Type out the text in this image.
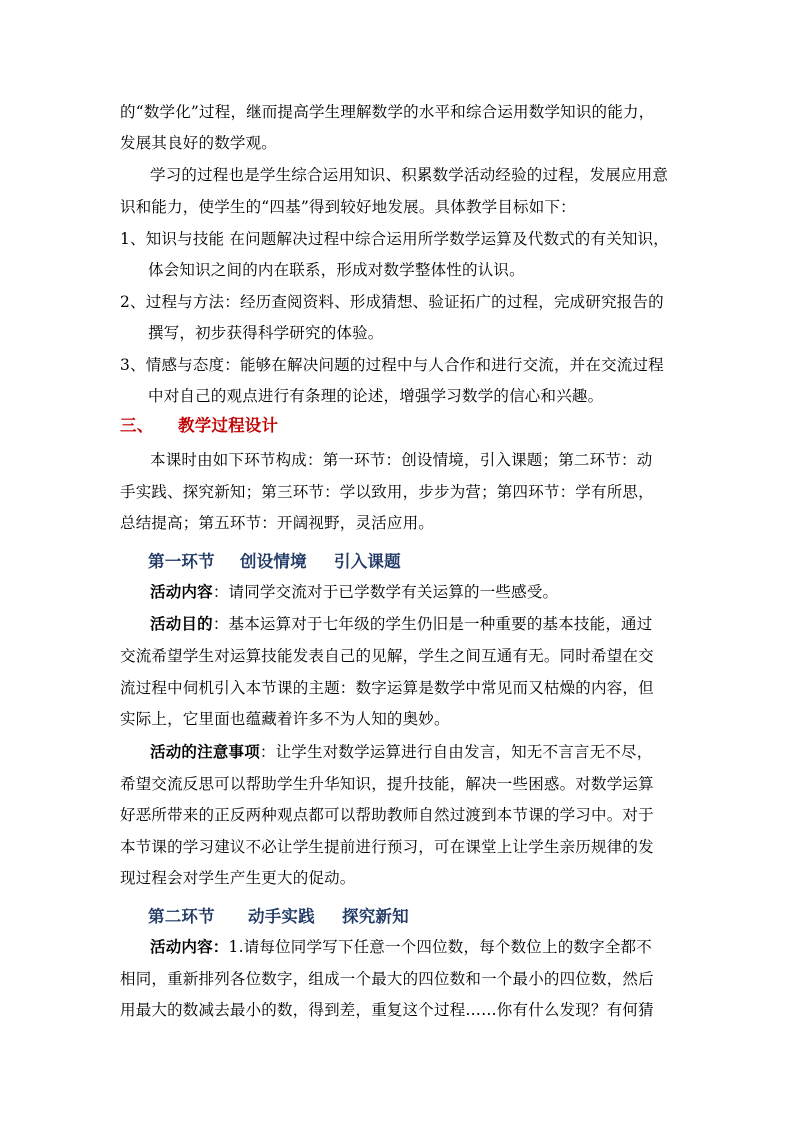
的“数学化”过程，继而提高学生理解数学的水平和综合运用数学知识的能力，
发展其良好的数学观。
学习的过程也是学生综合运用知识、积累数学活动经验的过程，发展应用意
识和能力，使学生的“四基”得到较好地发展。具体教学目标如下：
1、知识与技能 在问题解决过程中综合运用所学数学运算及代数式的有关知识，
体会知识之间的内在联系，形成对数学整体性的认识。
2、过程与方法：经历查阅资料、形成猜想、验证拓广的过程，完成研究报告的
撰写，初步获得科学研究的体验。
3、情感与态度：能够在解决问题的过程中与人合作和进行交流，并在交流过程
中对自己的观点进行有条理的论述，增强学习数学的信心和兴趣。
三、 教学过程设计
本课时由如下环节构成：第一环节：创设情境，引入课题；第二环节：动
手实践、探究新知；第三环节：学以致用，步步为营；第四环节：学有所思，
总结提高；第五环节：开阔视野，灵活应用。
第一环节 创设情境 引入课题
活动内容：请同学交流对于已学数学有关运算的一些感受。
活动目的：基本运算对于七年级的学生仍旧是一种重要的基本技能，通过
交流希望学生对运算技能发表自己的见解，学生之间互通有无。同时希望在交
流过程中伺机引入本节课的主题：数字运算是数学中常见而又枯燥的内容，但
实际上，它里面也蕴藏着许多不为人知的奥妙。
活动的注意事项：让学生对数学运算进行自由发言，知无不言言无不尽，
希望交流反思可以帮助学生升华知识，提升技能，解决一些困惑。对数学运算
好恶所带来的正反两种观点都可以帮助教师自然过渡到本节课的学习中。对于
本节课的学习建议不必让学生提前进行预习，可在课堂上让学生亲历规律的发
现过程会对学生产生更大的促动。
第二环节 动手实践 探究新知
活动内容：1.请每位同学写下任意一个四位数，每个数位上的数字全都不
相同，重新排列各位数字，组成一个最大的四位数和一个最小的四位数，然后
用最大的数减去最小的数，得到差，重复这个过程……你有什么发现？有何猜
